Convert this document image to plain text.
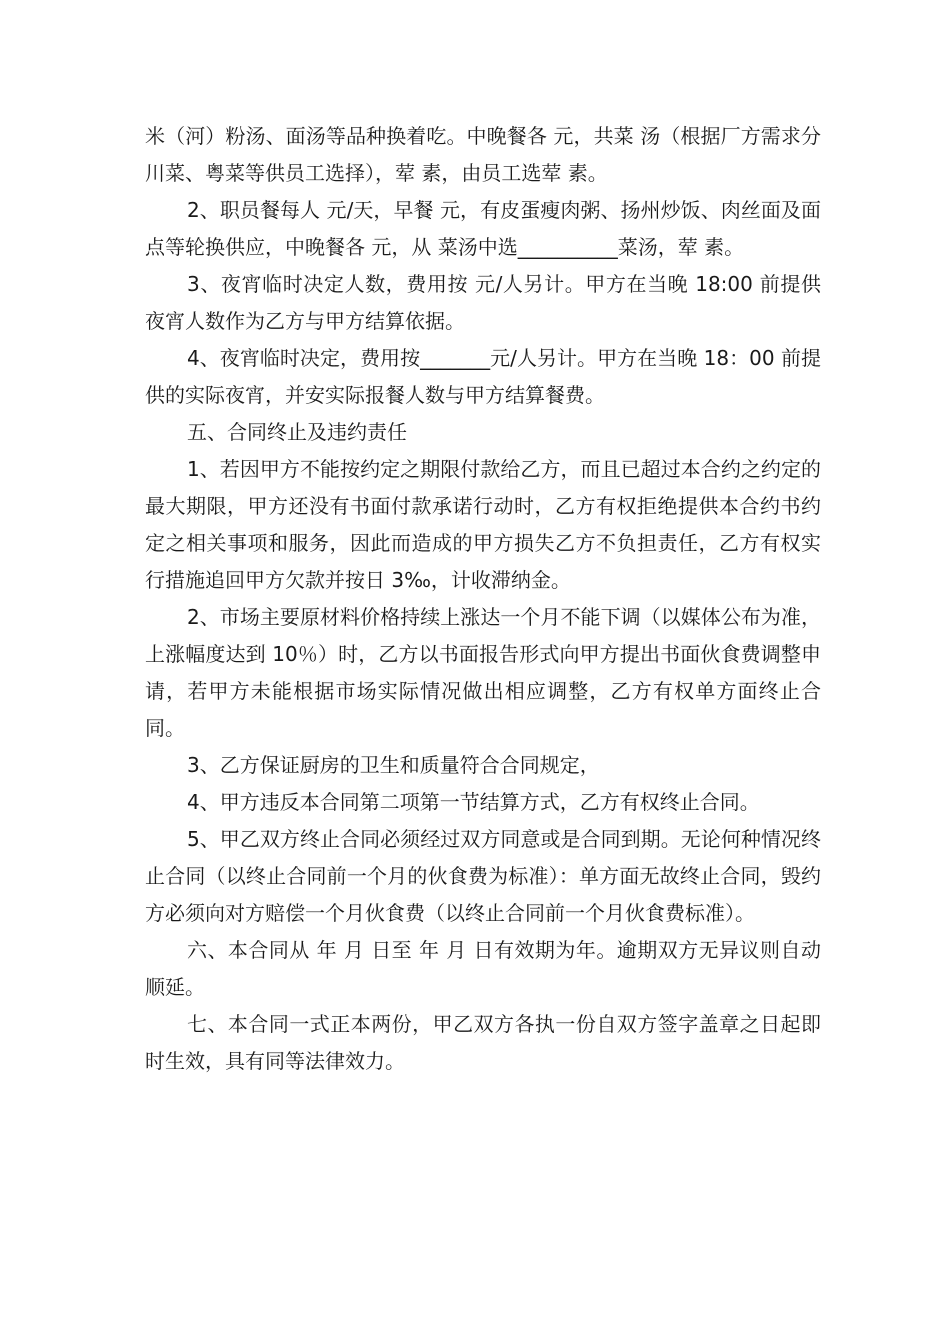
米（河）粉汤、面汤等品种换着吃。中晚餐各 元，共菜 汤（根据厂方需求分川菜、粤菜等供员工选择），荤 素，由员工选荤 素。

2、职员餐每人 元/天，早餐 元，有皮蛋瘦肉粥、扬州炒饭、肉丝面及面点等轮换供应，中晚餐各 元，从 菜汤中选__________菜汤，荤 素。

3、夜宵临时决定人数，费用按 元/人另计。甲方在当晚 18:00 前提供夜宵人数作为乙方与甲方结算依据。

4、夜宵临时决定，费用按_______元/人另计。甲方在当晚 18：00 前提供的实际夜宵，并安实际报餐人数与甲方结算餐费。

五、合同终止及违约责任

1、若因甲方不能按约定之期限付款给乙方，而且已超过本合约之约定的最大期限，甲方还没有书面付款承诺行动时，乙方有权拒绝提供本合约书约定之相关事项和服务，因此而造成的甲方损失乙方不负担责任，乙方有权实行措施追回甲方欠款并按日 3‰，计收滞纳金。

2、市场主要原材料价格持续上涨达一个月不能下调（以媒体公布为准，上涨幅度达到 10％）时，乙方以书面报告形式向甲方提出书面伙食费调整申请，若甲方未能根据市场实际情况做出相应调整，乙方有权单方面终止合同。

3、乙方保证厨房的卫生和质量符合合同规定，

4、甲方违反本合同第二项第一节结算方式，乙方有权终止合同。

5、甲乙双方终止合同必须经过双方同意或是合同到期。无论何种情况终止合同（以终止合同前一个月的伙食费为标准）：单方面无故终止合同，毁约方必须向对方赔偿一个月伙食费（以终止合同前一个月伙食费标准）。

六、本合同从 年 月 日至 年 月 日有效期为年。逾期双方无异议则自动顺延。

七、本合同一式正本两份，甲乙双方各执一份自双方签字盖章之日起即时生效，具有同等法律效力。
